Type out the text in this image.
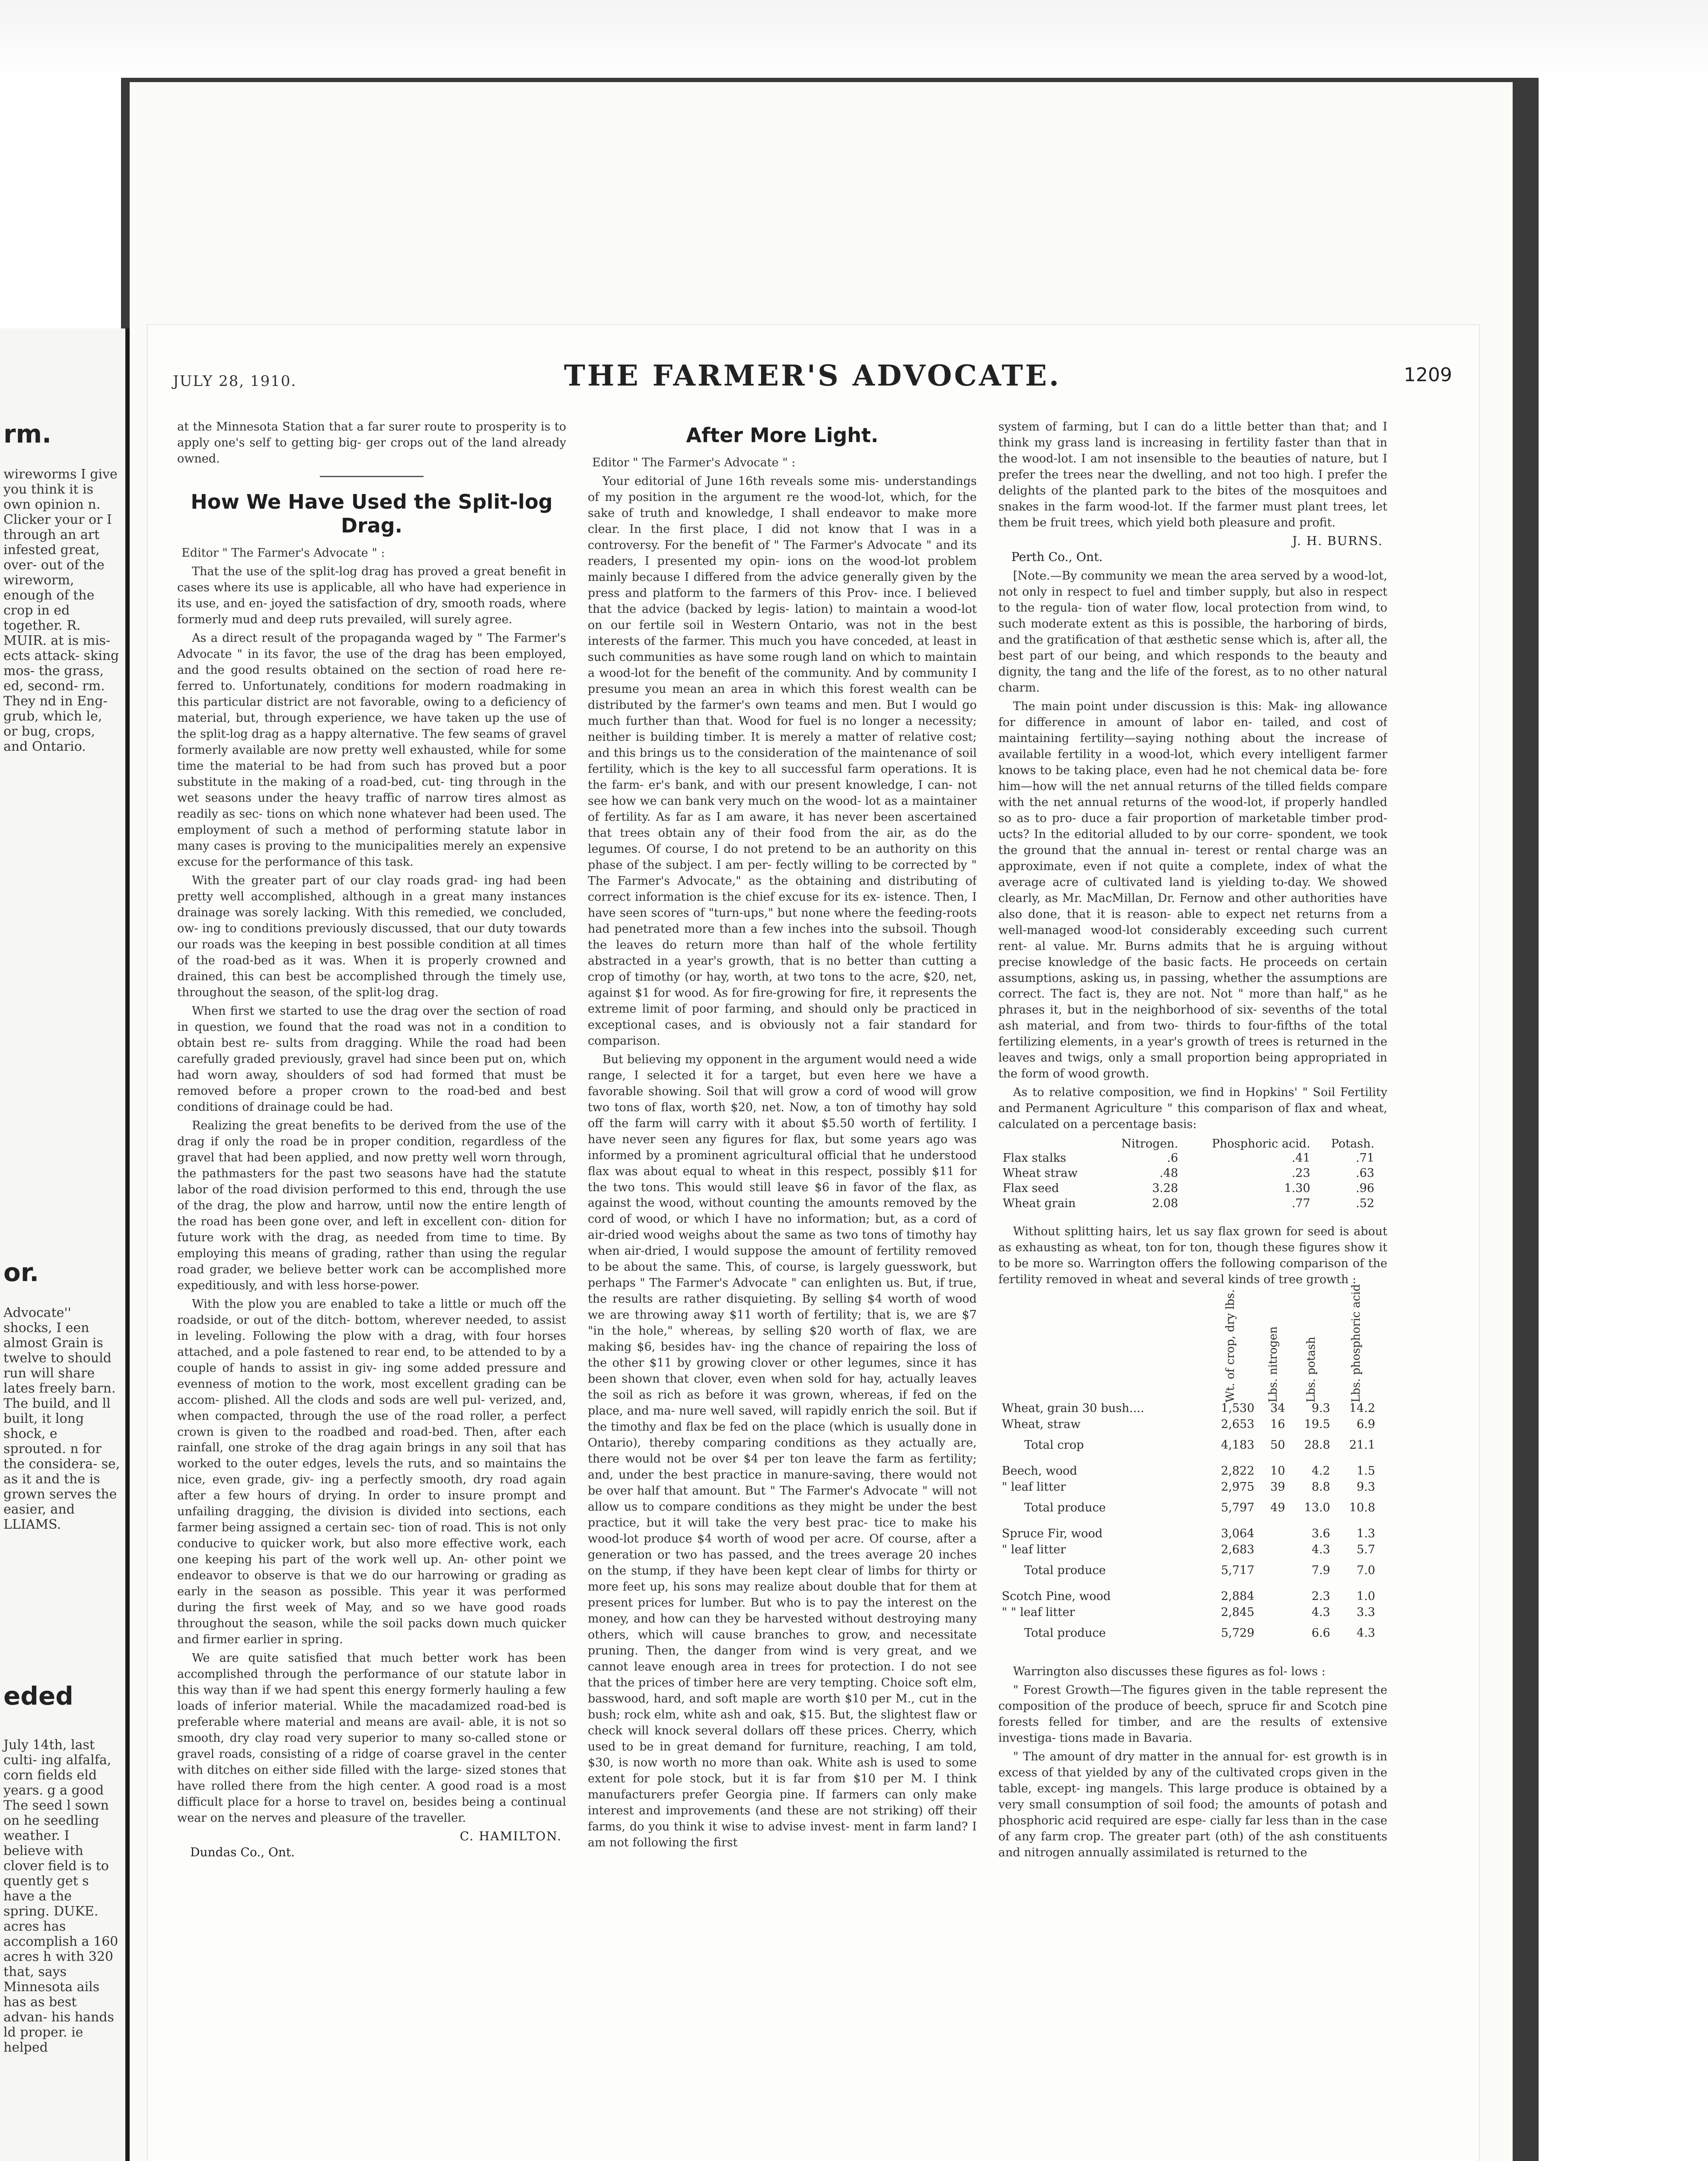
rm.
wireworms I give you think it is own opinion n. Clicker your or I through an art infested great, over- out of the wireworm, enough of the crop in ed together. R. MUIR. at is mis- ects attack- sking mos- the grass, ed, second- rm. They nd in Eng- grub, which le, or bug, crops, and Ontario.
or.
Advocate'' shocks, I een almost Grain is twelve to should run will share lates freely barn. The build, and ll built, it long shock, e sprouted. n for the considera- se, as it and the is grown serves the easier, and LLIAMS.
eded
July 14th, last culti- ing alfalfa, corn fields eld years. g a good The seed l sown on he seedling weather. I believe with clover field is to quently get s have a the spring. DUKE. acres has accomplish a 160 acres h with 320 that, says Minnesota ails has as best advan- his hands ld proper. ie helped
THE FARMER'S ADVOCATE.
JULY 28, 1910.	1209

at the Minnesota Station that a far surer route to prosperity is to apply one's self to getting big- ger crops out of the land already owned.

How We Have Used the Split-log Drag.
Editor " The Farmer's Advocate " :

That the use of the split-log drag has proved a great benefit in cases where its use is applicable, all who have had experience in its use, and en- joyed the satisfaction of dry, smooth roads, where formerly mud and deep ruts prevailed, will surely agree.

As a direct result of the propaganda waged by " The Farmer's Advocate " in its favor, the use of the drag has been employed, and the good results obtained on the section of road here re- ferred to. Unfortunately, conditions for modern roadmaking in this particular district are not favorable, owing to a deficiency of material, but, through experience, we have taken up the use of the split-log drag as a happy alternative. The few seams of gravel formerly available are now pretty well exhausted, while for some time the material to be had from such has proved but a poor substitute in the making of a road-bed, cut- ting through in the wet seasons under the heavy traffic of narrow tires almost as readily as sec- tions on which none whatever had been used. The employment of such a method of performing statute labor in many cases is proving to the municipalities merely an expensive excuse for the performance of this task.

With the greater part of our clay roads grad- ing had been pretty well accomplished, although in a great many instances drainage was sorely lacking. With this remedied, we concluded, ow- ing to conditions previously discussed, that our duty towards our roads was the keeping in best possible condition at all times of the road-bed as it was. When it is properly crowned and drained, this can best be accomplished through the timely use, throughout the season, of the split-log drag.

When first we started to use the drag over the section of road in question, we found that the road was not in a condition to obtain best re- sults from dragging. While the road had been carefully graded previously, gravel had since been put on, which had worn away, shoulders of sod had formed that must be removed before a proper crown to the road-bed and best conditions of drainage could be had.

Realizing the great benefits to be derived from the use of the drag if only the road be in proper condition, regardless of the gravel that had been applied, and now pretty well worn through, the pathmasters for the past two seasons have had the statute labor of the road division performed to this end, through the use of the drag, the plow and harrow, until now the entire length of the road has been gone over, and left in excellent con- dition for future work with the drag, as needed from time to time. By employing this means of grading, rather than using the regular road grader, we believe better work can be accomplished more expeditiously, and with less horse-power.

With the plow you are enabled to take a little or much off the roadside, or out of the ditch- bottom, wherever needed, to assist in leveling. Following the plow with a drag, with four horses attached, and a pole fastened to rear end, to be attended to by a couple of hands to assist in giv- ing some added pressure and evenness of motion to the work, most excellent grading can be accom- plished. All the clods and sods are well pul- verized, and, when compacted, through the use of the road roller, a perfect crown is given to the roadbed and road-bed. Then, after each rainfall, one stroke of the drag again brings in any soil that has worked to the outer edges, levels the ruts, and so maintains the nice, even grade, giv- ing a perfectly smooth, dry road again after a few hours of drying. In order to insure prompt and unfailing dragging, the division is divided into sections, each farmer being assigned a certain sec- tion of road. This is not only conducive to quicker work, but also more effective work, each one keeping his part of the work well up. An- other point we endeavor to observe is that we do our harrowing or grading as early in the season as possible. This year it was performed during the first week of May, and so we have good roads throughout the season, while the soil packs down much quicker and firmer earlier in spring.

We are quite satisfied that much better work has been accomplished through the performance of our statute labor in this way than if we had spent this energy formerly hauling a few loads of inferior material. While the macadamized road-bed is preferable where material and means are avail- able, it is not so smooth, dry clay road very superior to many so-called stone or gravel roads, consisting of a ridge of coarse gravel in the center with ditches on either side filled with the large- sized stones that have rolled there from the high center. A good road is a most difficult place for a horse to travel on, besides being a continual wear on the nerves and pleasure of the traveller.

C. HAMILTON.
Dundas Co., Ont.
After More Light.
Editor " The Farmer's Advocate " :

Your editorial of June 16th reveals some mis- understandings of my position in the argument re the wood-lot, which, for the sake of truth and knowledge, I shall endeavor to make more clear. In the first place, I did not know that I was in a controversy. For the benefit of " The Farmer's Advocate " and its readers, I presented my opin- ions on the wood-lot problem mainly because I differed from the advice generally given by the press and platform to the farmers of this Prov- ince. I believed that the advice (backed by legis- lation) to maintain a wood-lot on our fertile soil in Western Ontario, was not in the best interests of the farmer. This much you have conceded, at least in such communities as have some rough land on which to maintain a wood-lot for the benefit of the community. And by community I presume you mean an area in which this forest wealth can be distributed by the farmer's own teams and men. But I would go much further than that. Wood for fuel is no longer a necessity; neither is building timber. It is merely a matter of relative cost; and this brings us to the consideration of the maintenance of soil fertility, which is the key to all successful farm operations. It is the farm- er's bank, and with our present knowledge, I can- not see how we can bank very much on the wood- lot as a maintainer of fertility. As far as I am aware, it has never been ascertained that trees obtain any of their food from the air, as do the legumes. Of course, I do not pretend to be an authority on this phase of the subject. I am per- fectly willing to be corrected by " The Farmer's Advocate," as the obtaining and distributing of correct information is the chief excuse for its ex- istence. Then, I have seen scores of "turn-ups," but none where the feeding-roots had penetrated more than a few inches into the subsoil. Though the leaves do return more than half of the whole fertility abstracted in a year's growth, that is no better than cutting a crop of timothy (or hay, worth, at two tons to the acre, $20, net, against $1 for wood. As for fire-growing for fire, it represents the extreme limit of poor farming, and should only be practiced in exceptional cases, and is obviously not a fair standard for comparison.

But believing my opponent in the argument would need a wide range, I selected it for a target, but even here we have a favorable showing. Soil that will grow a cord of wood will grow two tons of flax, worth $20, net. Now, a ton of timothy hay sold off the farm will carry with it about $5.50 worth of fertility. I have never seen any figures for flax, but some years ago was informed by a prominent agricultural official that he understood flax was about equal to wheat in this respect, possibly $11 for the two tons. This would still leave $6 in favor of the flax, as against the wood, without counting the amounts removed by the cord of wood, or which I have no information; but, as a cord of air-dried wood weighs about the same as two tons of timothy hay when air-dried, I would suppose the amount of fertility removed to be about the same. This, of course, is largely guesswork, but perhaps " The Farmer's Advocate " can enlighten us. But, if true, the results are rather disquieting. By selling $4 worth of wood we are throwing away $11 worth of fertility; that is, we are $7 "in the hole," whereas, by selling $20 worth of flax, we are making $6, besides hav- ing the chance of repairing the loss of the other $11 by growing clover or other legumes, since it has been shown that clover, even when sold for hay, actually leaves the soil as rich as before it was grown, whereas, if fed on the place, and ma- nure well saved, will rapidly enrich the soil. But if the timothy and flax be fed on the place (which is usually done in Ontario), thereby comparing conditions as they actually are, there would not be over $4 per ton leave the farm as fertility; and, under the best practice in manure-saving, there would not be over half that amount. But " The Farmer's Advocate " will not allow us to compare conditions as they might be under the best practice, but it will take the very best prac- tice to make his wood-lot produce $4 worth of wood per acre. Of course, after a generation or two has passed, and the trees average 20 inches on the stump, if they have been kept clear of limbs for thirty or more feet up, his sons may realize about double that for them at present prices for lumber. But who is to pay the interest on the money, and how can they be harvested without destroying many others, which will cause branches to grow, and necessitate pruning. Then, the danger from wind is very great, and we cannot leave enough area in trees for protection. I do not see that the prices of timber here are very tempting. Choice soft elm, basswood, hard, and soft maple are worth $10 per M., cut in the bush; rock elm, white ash and oak, $15. But, the slightest flaw or check will knock several dollars off these prices. Cherry, which used to be in great demand for furniture, reaching, I am told, $30, is now worth no more than oak. White ash is used to some extent for pole stock, but it is far from $10 per M. I think manufacturers prefer Georgia pine. If farmers can only make interest and improvements (and these are not striking) off their farms, do you think it wise to advise invest- ment in farm land? I am not following the first

system of farming, but I can do a little better than that; and I think my grass land is increasing in fertility faster than that in the wood-lot. I am not insensible to the beauties of nature, but I prefer the trees near the dwelling, and not too high. I prefer the delights of the planted park to the bites of the mosquitoes and snakes in the farm wood-lot. If the farmer must plant trees, let them be fruit trees, which yield both pleasure and profit.

J. H. BURNS.
Perth Co., Ont.

[Note.—By community we mean the area served by a wood-lot, not only in respect to fuel and timber supply, but also in respect to the regula- tion of water flow, local protection from wind, to such moderate extent as this is possible, the harboring of birds, and the gratification of that æsthetic sense which is, after all, the best part of our being, and which responds to the beauty and dignity, the tang and the life of the forest, as to no other natural charm.

The main point under discussion is this: Mak- ing allowance for difference in amount of labor en- tailed, and cost of maintaining fertility—saying nothing about the increase of available fertility in a wood-lot, which every intelligent farmer knows to be taking place, even had he not chemical data be- fore him—how will the net annual returns of the tilled fields compare with the net annual returns of the wood-lot, if properly handled so as to pro- duce a fair proportion of marketable timber prod- ucts? In the editorial alluded to by our corre- spondent, we took the ground that the annual in- terest or rental charge was an approximate, even if not quite a complete, index of what the average acre of cultivated land is yielding to-day. We showed clearly, as Mr. MacMillan, Dr. Fernow and other authorities have also done, that it is reason- able to expect net returns from a well-managed wood-lot considerably exceeding such current rent- al value. Mr. Burns admits that he is arguing without precise knowledge of the basic facts. He proceeds on certain assumptions, asking us, in passing, whether the assumptions are correct. The fact is, they are not. Not " more than half," as he phrases it, but in the neighborhood of six- sevenths of the total ash material, and from two- thirds to four-fifths of the total fertilizing elements, in a year's growth of trees is returned in the leaves and twigs, only a small proportion being appropriated in the form of wood growth.

As to relative composition, we find in Hopkins' " Soil Fertility and Permanent Agriculture " this comparison of flax and wheat, calculated on a percentage basis:

	Nitrogen.	Phosphoric acid.	Potash.
Flax stalks	.6	.41	.71
Wheat straw	.48	.23	.63
Flax seed	3.28	1.30	.96
Wheat grain	2.08	.77	.52

Without splitting hairs, let us say flax grown for seed is about as exhausting as wheat, ton for ton, though these figures show it to be more so. Warrington offers the following comparison of the fertility removed in wheat and several kinds of tree growth :

	Wt. of crop, dry lbs.	Lbs. nitrogen	Lbs. potash	Lbs. phosphoric acid
Wheat, grain 30 bush....	1,530	34	9.3	14.2
Wheat, straw	2,653	16	19.5	6.9
Total crop	4,183	50	28.8	21.1
Beech, wood	2,822	10	4.2	1.5
" leaf litter	2,975	39	8.8	9.3
Total produce	5,797	49	13.0	10.8
Spruce Fir, wood	3,064		3.6	1.3
" leaf litter	2,683		4.3	5.7
Total produce	5,717		7.9	7.0
Scotch Pine, wood	2,884		2.3	1.0
" " leaf litter	2,845		4.3	3.3
Total produce	5,729		6.6	4.3

Warrington also discusses these figures as fol- lows :

" Forest Growth—The figures given in the table represent the composition of the produce of beech, spruce fir and Scotch pine forests felled for timber, and are the results of extensive investiga- tions made in Bavaria.

" The amount of dry matter in the annual for- est growth is in excess of that yielded by any of the cultivated crops given in the table, except- ing mangels. This large produce is obtained by a very small consumption of soil food; the amounts of potash and phosphoric acid required are espe- cially far less than in the case of any farm crop. The greater part (oth) of the ash constituents and nitrogen annually assimilated is returned to the
